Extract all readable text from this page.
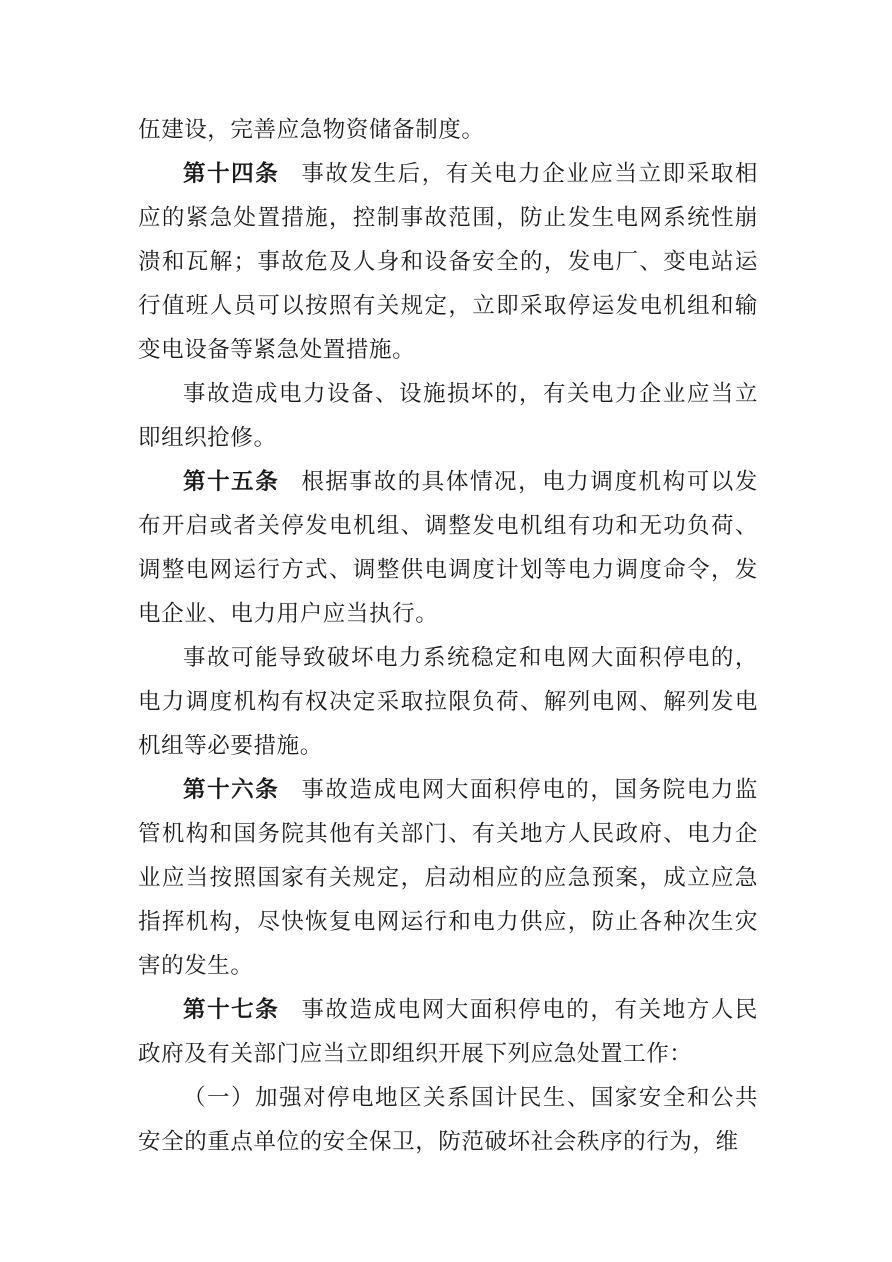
伍建设，完善应急物资储备制度。

第十四条 事故发生后，有关电力企业应当立即采取相应的紧急处置措施，控制事故范围，防止发生电网系统性崩溃和瓦解；事故危及人身和设备安全的，发电厂、变电站运行值班人员可以按照有关规定，立即采取停运发电机组和输变电设备等紧急处置措施。

事故造成电力设备、设施损坏的，有关电力企业应当立即组织抢修。

第十五条 根据事故的具体情况，电力调度机构可以发布开启或者关停发电机组、调整发电机组有功和无功负荷、调整电网运行方式、调整供电调度计划等电力调度命令，发电企业、电力用户应当执行。

事故可能导致破坏电力系统稳定和电网大面积停电的，电力调度机构有权决定采取拉限负荷、解列电网、解列发电机组等必要措施。

第十六条 事故造成电网大面积停电的，国务院电力监管机构和国务院其他有关部门、有关地方人民政府、电力企业应当按照国家有关规定，启动相应的应急预案，成立应急指挥机构，尽快恢复电网运行和电力供应，防止各种次生灾害的发生。

第十七条 事故造成电网大面积停电的，有关地方人民政府及有关部门应当立即组织开展下列应急处置工作：

（一）加强对停电地区关系国计民生、国家安全和公共安全的重点单位的安全保卫，防范破坏社会秩序的行为，维
